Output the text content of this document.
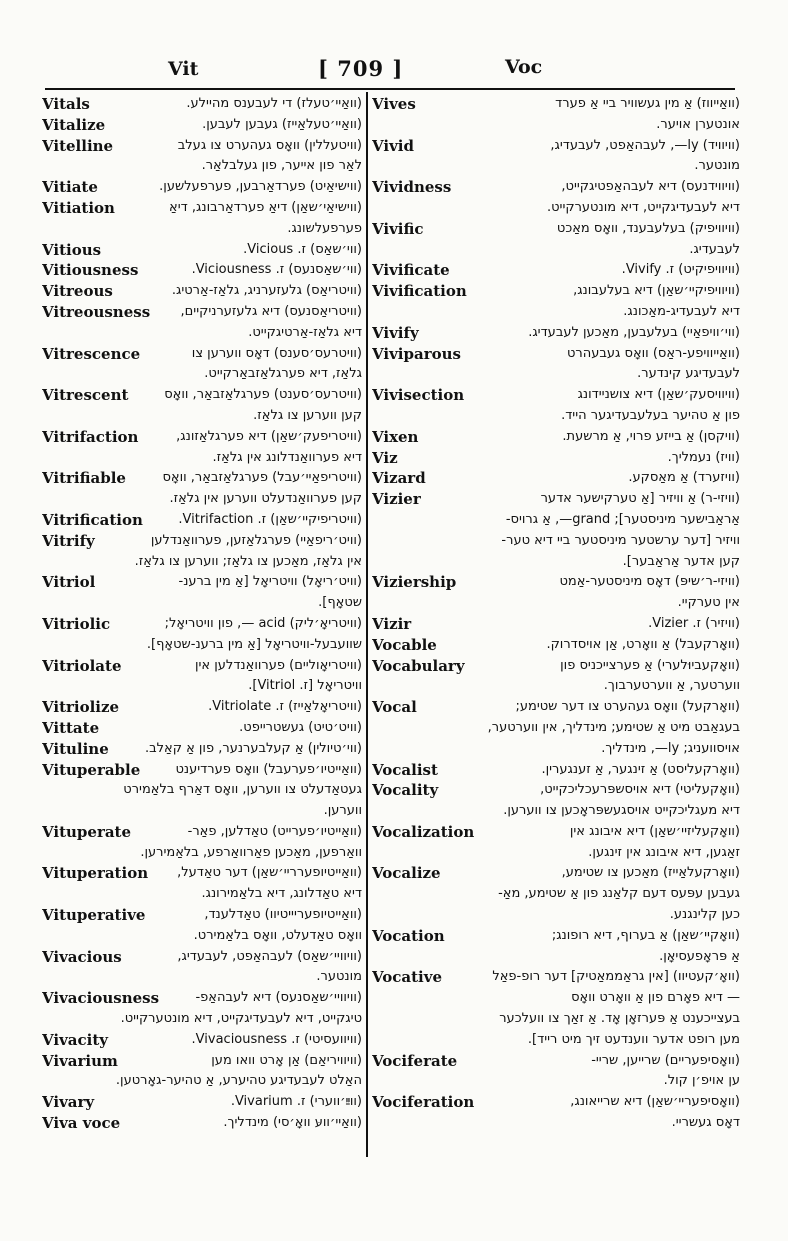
Vit	[ 709 ]	Voc
Vitals	(וואַיי׳טעלז) די לעבענס מהיילע.
Vitalize	(וואַיי׳טעלאַייז) געבען לעבען.
Vitelline	(וויטעללין) וואָס געהערט צו געלב
לאַר פון אייער, פון געלבלאַר.
Vitiate	(ווישיאַיט) פערדאַרבען, פערפעלשען.
Vitiation	(ווישיאַי׳שאַן) דיאַ פערדאַרבונג, דיאַ
פערפעלשונג.
Vitious	(ווי׳שאַס) ז. Vicious.
Vitiousness	(ווי׳שאַסנעס) ז. Viciousness.
Vitreous	(וויטריאַס) גלעזערניג, גלאַז-אַרטיג.
Vitreousness (וויטריאַסנעס) דיא גלעזערניקיים,
דיא גלאַז-אַרטיגקייט.
Vitrescence	(וויטרעס׳סענס) דאָס ווערען צו
גלאַז, דיא פערגלאַזבאַרקייט.
Vitrescent	(וויטרעס׳סענט) פערגלאַזבאַר, וואָס
קען ווערען צו גלאַז.
Vitrifaction	(וויטריפעק׳שאַן) דיא פערגלאַזונג,
דיא פערוואַנדלונג אין גלאַז.
Vitrifiable	(וויטריפאַיי׳עבל) פערגלאַזבאַר, וואָס
קען פערוואַנדעלט ווערען אין גלאַז.
Vitrification	(וויטריפיקיי׳שאַן) ז. Vitrifaction.
Vitrify	(וויט׳ריפאַיי) פערגלאַזען, פערוואַנדלען
אין גלאַז, מאַכען צו גלאַז; ווערען צו גלאַז.
Vitriol	(וויט׳ריאָל) וויטריאָל [אַ מין ברענ-
שטאָף].
Vitriolic	(וויטריאָ׳ליק) acid —, פון וויטריאָל;
שוועבעל-וויטריאָל [אַ מין ברענ-שטאָף].
Vitriolate	(וויטריאָוליים) פערוואַנדלען אין
וויטריאָל [ז. Vitriol].
Vitriolize	(וויטריאָלאַייז) ז. Vitriolate.
Vittate	(וויט׳טיט) געשטרייפט.
Vituline	(ווי׳טיולין) אַ קעלבערנער, פון אַ קאַלב.
Vituperable	(וואַייטיו׳פערעבל) וואָס פערדיענט
געטאַדעלט צו ווערען, וואָס דאַרף בלאַמירט
ווערען.
Vituperate	(וואַייטיו׳פערייט) טאַדלען, פאַר-
וואַרפען, מאַכען פאַרוואַרפע, בלאַמירען.
Vituperation (וואַייטיופערריי׳שאַן) דער טאַדעל,
דיא טאַדלונג, דיא בלאַמירונג.
Vituperative	(וואַייטיופעריייטיוו) טאַדלענד,
וואָס טאַדעלט, וואָס בלאַמירט.
Vivacious	(וויוויי׳שאַס) לעבהאַפט, לעבעדיג,
מונטער.
Vivaciousness	(וויוויי׳שאַסנעס) דיא לעבהאַפ-
טיגקייט, דיא לעבעדיגקייט, דיא מונטערקייט.
Vivacity	(וויוועסיטי) ז. Vivaciousness.
Vivarium	(וויוויריאַם) אַן אָרט וואו מען
האַלט לעבעדיגע טהיערע, אַ טהיער-גאָרטען.
Vivary	(ווײַ׳ווערי) ז. Vivarium.
Viva voce	(וואַיי׳וועּ וואָ׳סי) מינדליך.
Vives	(וואַייווז) אַ מין געשוויר ביי אַ פערד
אונטערן אויער.
Vivid	(וויוויד) ly—, לעבהאַפט, לעבעדיג,
מונטער.
Vividness	(וויווידנעס) דיא לעבהאַפטיגקייט,
דיא לעבעדיגקייט, דיא מונטערקייט.
Vivific	(וויוויפיק) בעלעבענד, וואָס מאַכט
לעבעדיג.
Vivificate	(וויוויפיקיט) ז. Vivify.
Vivification	(וויוויפיקיי׳שאַן) דיא בעלעבונג,
דיא לעבעדיג-מאַכונג.
Vivify	(ווי׳וויפאַיי) בעלעבען, מאַכען לעבעדיג.
Viviparous	(וואַייוויפע-ראַס) וואָס געבעהרט
לעבעדיגע קינדער.
Vivisection	(וויוויסעק׳שאַן) דיא צושניידונג
פון אַ טהיער בעלעבעדיגער הייד.
Vixen	(וויקסן) אַ בייזע פרוי, אַ מרשעת.
Viz	(וויז) נעמליך.
Vizard	(וויזערד) אַ מאַסקע.
Vizier	(וויזי-ר) אַ וויזיר [אַ טערקישער אדער
אַראַבישער מיניסטער]; grand—, אַ גרויס-
וויזיר [דער ערשטער מיניסטער ביי דיא טער-
קען אדער אַראַבער].
Viziership	(וויזי-ר׳שיפּ) דאָס מיניסטער-אַמט
אין טערקיי.
Vizir	(וויזיר) ז. Vizier.
Vocable	(וואָרקעבל) אַ וואָרט, אַן אויסדרוק.
Vocabulary	(וואָקעביוּלערי) אַ פערצייכניס פון
ווערטער, אַ ווערטערבוך.
Vocal	(וואָרקעל) וואָס געהערט צו דער שטימע;
בעגאַבט מיט אַ שטימע; מינדליך, אין ווערטער,
אויסוועניג; ly—, מינדליך.
Vocalist	(וואָרקעליסט) אַ זינגער, אַ זענגערין.
Vocality	(וואָקעליטי) דיא אויסשפּרעכליכקייט,
דיא מעגליכקייט אויסגעשפּראָכען צו ווערען.
Vocalization	(וואָקעליזיי׳שאַן) דיא איבונג אין
זאַגען, דיא איבונג אין זינגען.
Vocalize	(וואָרקעלאַייז) מאַכען צו שטימע,
געבען עפּעס דעם קלאַנג פון אַ שטימע, מאַ-
כען קלינגנע.
Vocation	(וואָקיי׳שאַן) אַ בערוף, דיא רופונג;
אַ פּראָפעסיאָן.
Vocative	(וואָ׳קעטיוו) [אין גראַממאַטיק] דער רופ-פאַל
— דיא פאָרם פון אַ וואָרט וואָס
בעצייכענט אַ פּערזאָן אָד. אַ זאַך צו וועלכער
מען רופט אדער ווענדעט זיך מיט רייד].
Vociferate	(וואָסיפעריים) שרייען, שריי-
ען אויפ׳ן קול.
Vociferation	(וואָסיפעריי׳שאַן) דיא שרייאונג,
דאָס געשריי.
